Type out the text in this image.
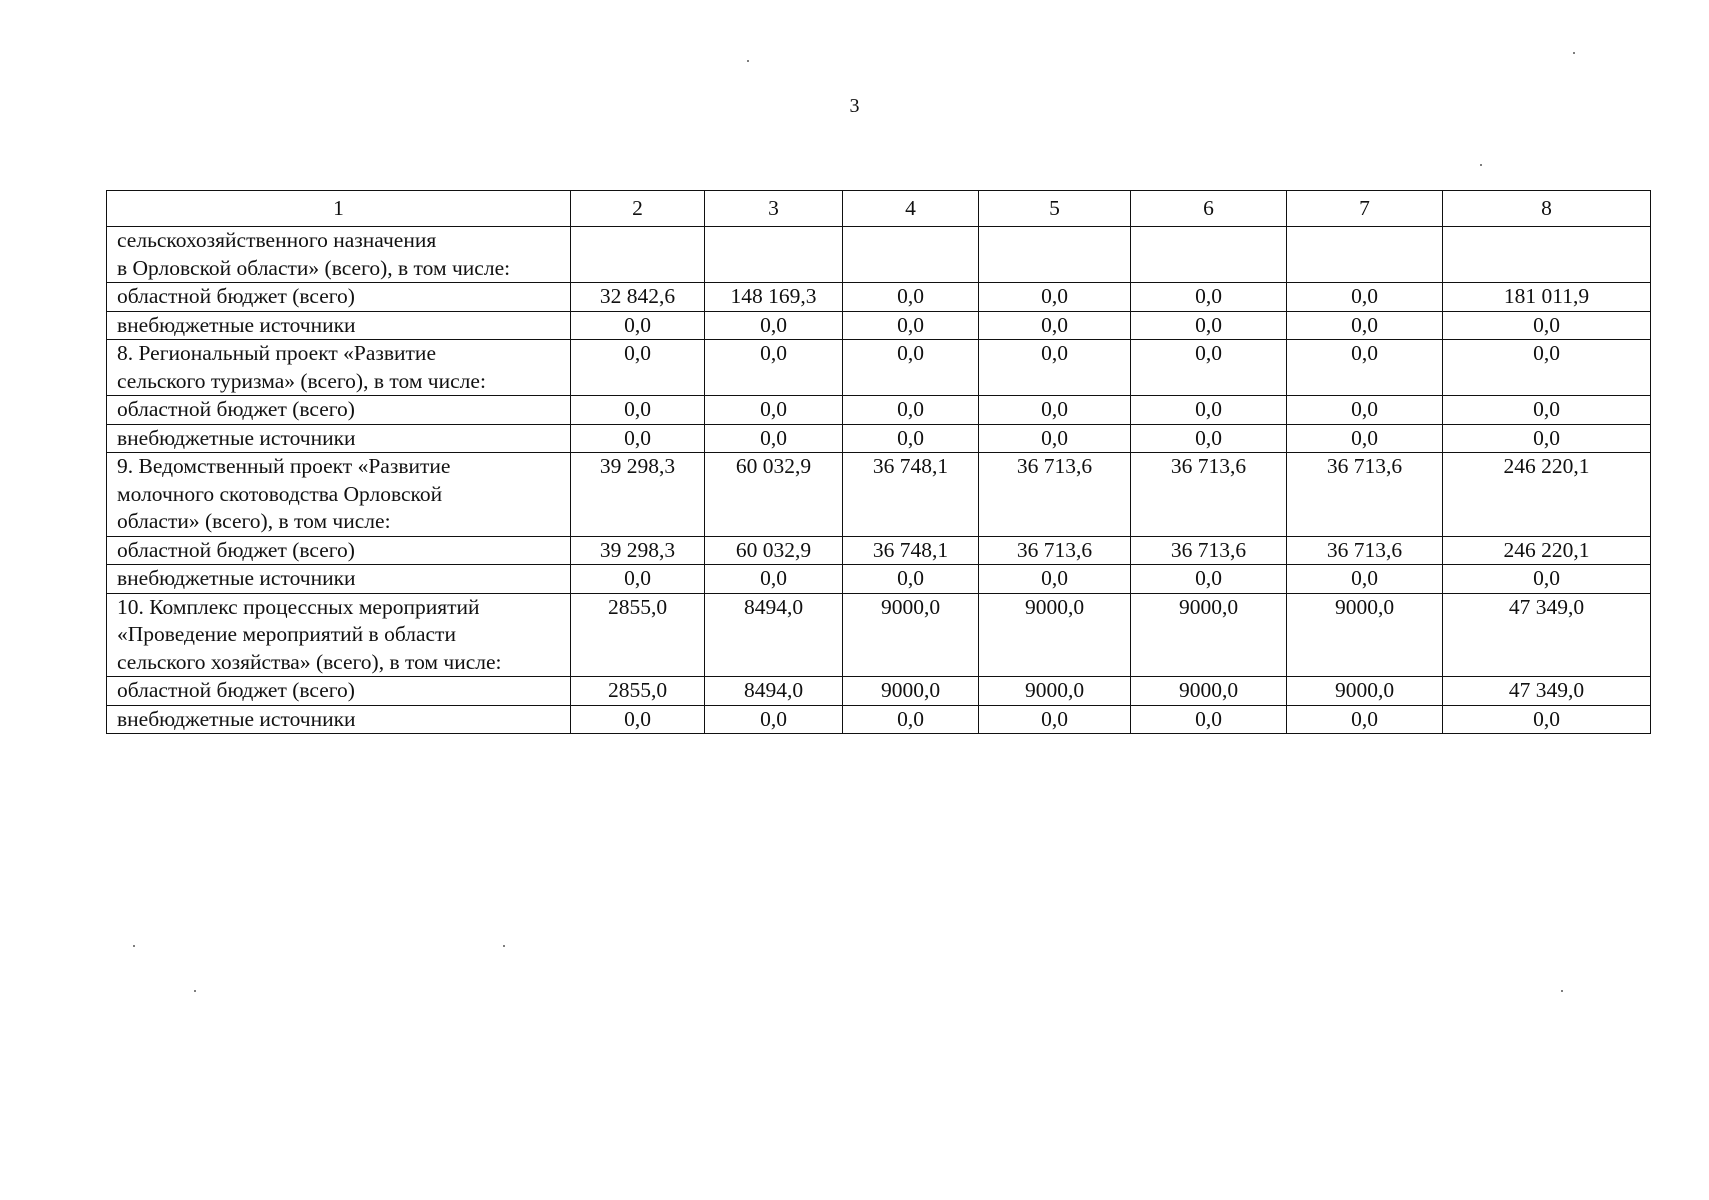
3
1	2	3	4	5	6	7	8

сельскохозяйственного назначения
в Орловской области» (всего), в том числе:							

областной бюджет (всего)	32 842,6	148 169,3	0,0	0,0	0,0	0,0	181 011,9

внебюджетные источники	0,0	0,0	0,0	0,0	0,0	0,0	0,0

8. Региональный проект «Развитие
сельского туризма» (всего), в том числе:	0,0	0,0	0,0	0,0	0,0	0,0	0,0

областной бюджет (всего)	0,0	0,0	0,0	0,0	0,0	0,0	0,0

внебюджетные источники	0,0	0,0	0,0	0,0	0,0	0,0	0,0

9. Ведомственный проект «Развитие
молочного скотоводства Орловской
области» (всего), в том числе:	39 298,3	60 032,9	36 748,1	36 713,6	36 713,6	36 713,6	246 220,1

областной бюджет (всего)	39 298,3	60 032,9	36 748,1	36 713,6	36 713,6	36 713,6	246 220,1

внебюджетные источники	0,0	0,0	0,0	0,0	0,0	0,0	0,0

10. Комплекс процессных мероприятий
«Проведение мероприятий в области
сельского хозяйства» (всего), в том числе:	2855,0	8494,0	9000,0	9000,0	9000,0	9000,0	47 349,0

областной бюджет (всего)	2855,0	8494,0	9000,0	9000,0	9000,0	9000,0	47 349,0

внебюджетные источники	0,0	0,0	0,0	0,0	0,0	0,0	0,0
